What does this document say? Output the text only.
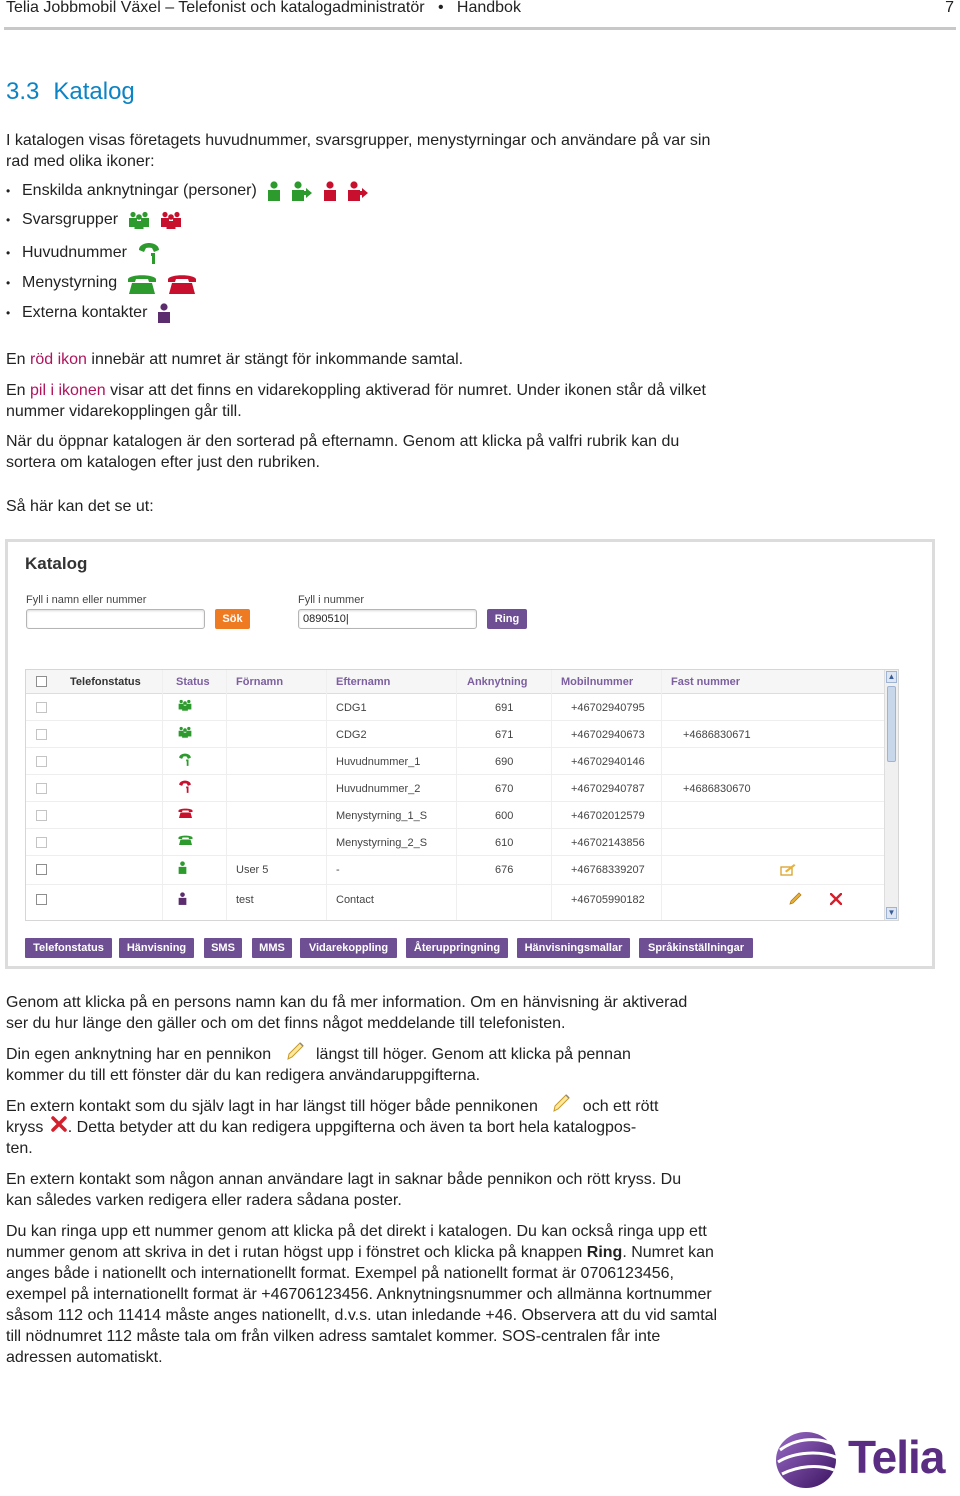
Telia Jobbmobil Växel – Telefonist och katalogadministratör • Handbok	7
3.3 Katalog
I katalogen visas företagets huvudnummer, svarsgrupper, menystyrningar och användare på var sin rad med olika ikoner:
• Enskilda anknytningar (personer)
• Svarsgrupper
• Huvudnummer
• Menystyrning
• Externa kontakter
En röd ikon innebär att numret är stängt för inkommande samtal.
En pil i ikonen visar att det finns en vidarekoppling aktiverad för numret. Under ikonen står då vilket nummer vidarekopplingen går till.
När du öppnar katalogen är den sorterad på efternamn. Genom att klicka på valfri rubrik kan du sortera om katalogen efter just den rubriken.
Så här kan det se ut:
Katalog
Fyll i namn eller nummer
Sök
Fyll i nummer
0890510|
Ring
Telefonstatus	Status Förnamn	Efternamn	Anknytning	Mobilnummer	Fast nummer
CDG1	691	+46702940795
CDG2	671	+46702940673	+4686830671
Huvudnummer_1	690	+46702940146
Huvudnummer_2	670	+46702940787	+4686830670
Menystyrning_1_S	600	+46702012579
Menystyrning_2_S	610	+46702143856
User 5	-	676	+46768339207
test	Contact	+46705990182
▲
▼
Telefonstatus	Hänvisning	SMS	MMS	Vidarekoppling	Återuppringning	Hänvisningsmallar	Språkinställningar
Genom att klicka på en persons namn kan du få mer information. Om en hänvisning är aktiverad ser du hur länge den gäller och om det finns något meddelande till telefonisten.
Din egen anknytning har en pennikon	längst till höger. Genom att klicka på pennan
kommer du till ett fönster där du kan redigera användaruppgifterna.
En extern kontakt som du själv lagt in har längst till höger både pennikonen	och ett rött
kryss . Detta betyder att du kan redigera uppgifterna och även ta bort hela katalogpos-
ten.
En extern kontakt som någon annan användare lagt in saknar både pennikon och rött kryss. Du kan således varken redigera eller radera sådana poster.
Du kan ringa upp ett nummer genom att klicka på det direkt i katalogen. Du kan också ringa upp ett nummer genom att skriva in det i rutan högst upp i fönstret och klicka på knappen Ring. Numret kan anges både i nationellt och internationellt format. Exempel på nationellt format är 0706123456, exempel på internationellt format är +46706123456. Anknytningsnummer och allmänna kortnummer såsom 112 och 11414 måste anges nationellt, d.v.s. utan inledande +46. Observera att du vid samtal till nödnumret 112 måste tala om från vilken adress samtalet kommer. SOS-centralen får inte adressen automatiskt.
Telia
